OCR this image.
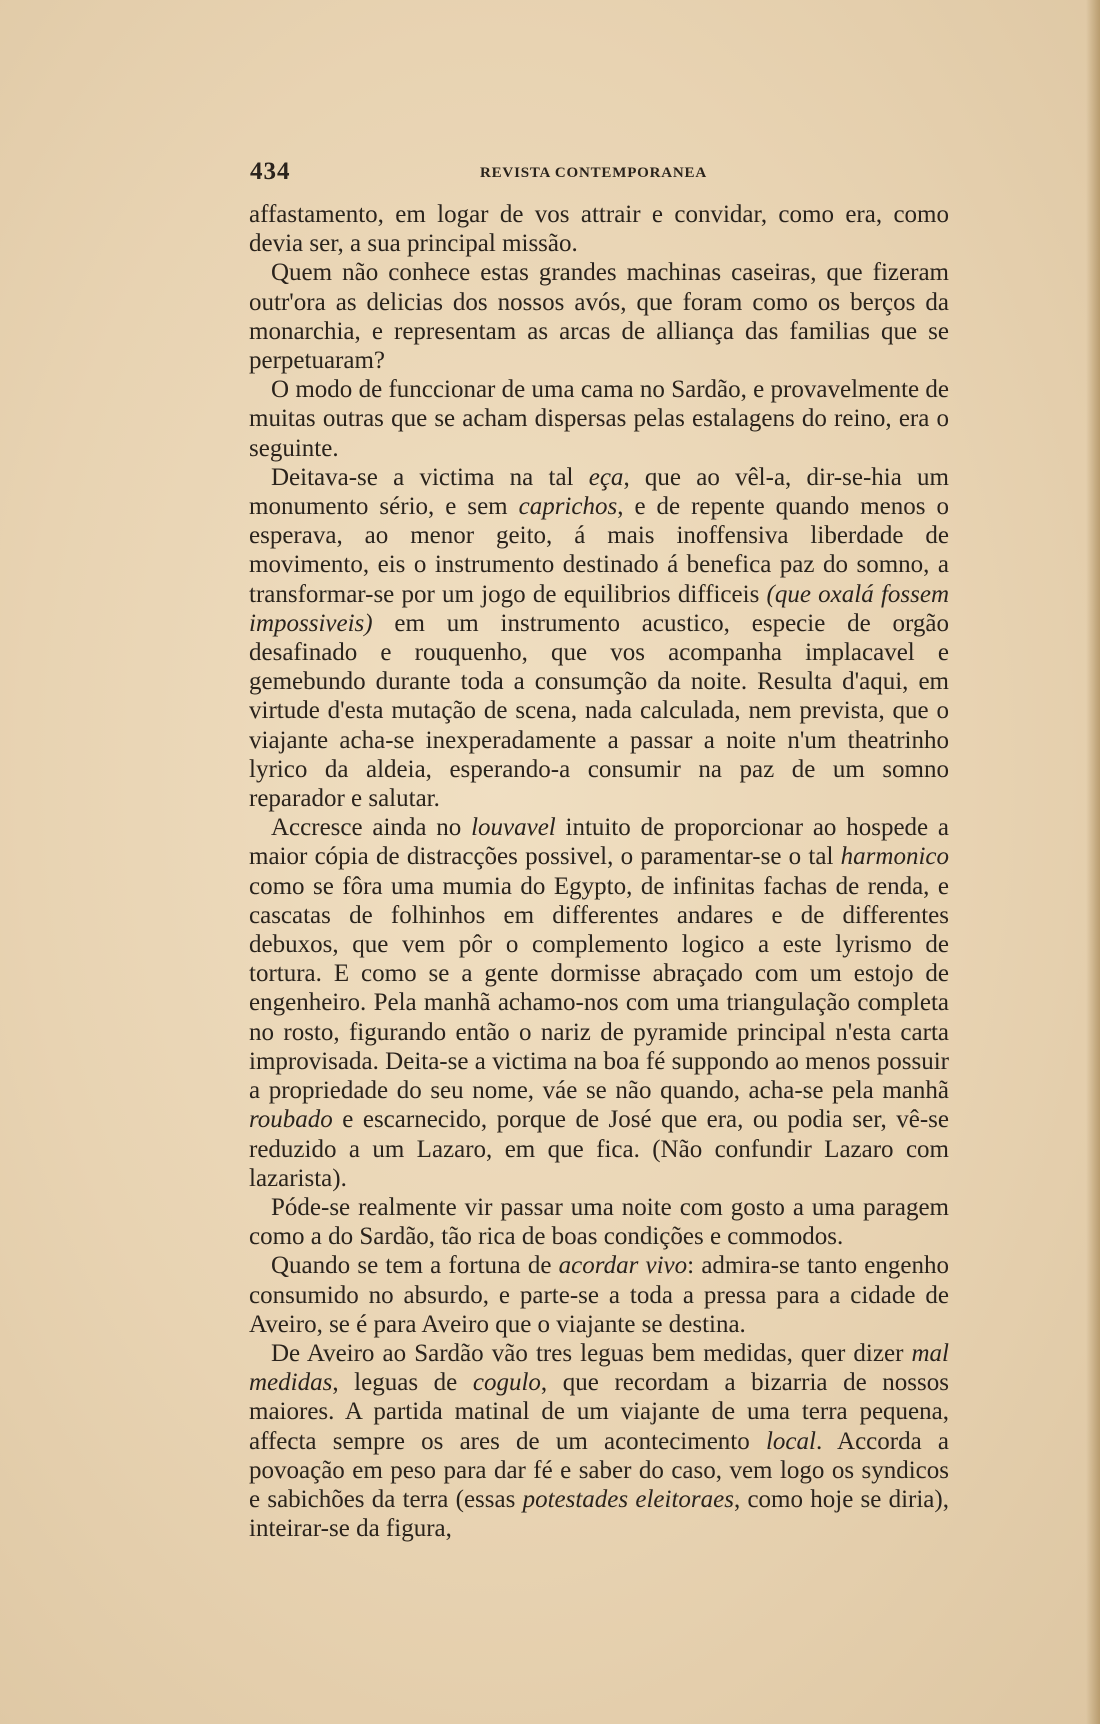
434	REVISTA CONTEMPORANEA

affastamento, em logar de vos attrair e convidar, como era, como devia ser, a sua principal missão.

Quem não conhece estas grandes machinas caseiras, que fizeram outr'ora as delicias dos nossos avós, que foram como os berços da monarchia, e representam as arcas de alliança das familias que se perpetuaram?

O modo de funccionar de uma cama no Sardão, e provavelmente de muitas outras que se acham dispersas pelas estalagens do reino, era o seguinte.

Deitava-se a victima na tal eça, que ao vêl-a, dir-se-hia um monumento sério, e sem caprichos, e de repente quando menos o esperava, ao menor geito, á mais inoffensiva liberdade de movimento, eis o instrumento destinado á benefica paz do somno, a transformar-se por um jogo de equilibrios difficeis (que oxalá fossem impossiveis) em um instrumento acustico, especie de orgão desafinado e rouquenho, que vos acompanha implacavel e gemebundo durante toda a consumção da noite. Resulta d'aqui, em virtude d'esta mutação de scena, nada calculada, nem prevista, que o viajante acha-se inexperadamente a passar a noite n'um theatrinho lyrico da aldeia, esperando-a consumir na paz de um somno reparador e salutar.

Accresce ainda no louvavel intuito de proporcionar ao hospede a maior cópia de distracções possivel, o paramentar-se o tal harmonico como se fôra uma mumia do Egypto, de infinitas fachas de renda, e cascatas de folhinhos em differentes andares e de differentes debuxos, que vem pôr o complemento logico a este lyrismo de tortura. E como se a gente dormisse abraçado com um estojo de engenheiro. Pela manhã achamo-nos com uma triangulação completa no rosto, figurando então o nariz de pyramide principal n'esta carta improvisada. Deita-se a victima na boa fé suppondo ao menos possuir a propriedade do seu nome, váe se não quando, acha-se pela manhã roubado e escarnecido, porque de José que era, ou podia ser, vê-se reduzido a um Lazaro, em que fica. (Não confundir Lazaro com lazarista).

Póde-se realmente vir passar uma noite com gosto a uma paragem como a do Sardão, tão rica de boas condições e commodos.

Quando se tem a fortuna de acordar vivo: admira-se tanto engenho consumido no absurdo, e parte-se a toda a pressa para a cidade de Aveiro, se é para Aveiro que o viajante se destina.

De Aveiro ao Sardão vão tres leguas bem medidas, quer dizer mal medidas, leguas de cogulo, que recordam a bizarria de nossos maiores. A partida matinal de um viajante de uma terra pequena, affecta sempre os ares de um acontecimento local. Accorda a povoação em peso para dar fé e saber do caso, vem logo os syndicos e sabichões da terra (essas potestades eleitoraes, como hoje se diria), inteirar-se da figura,
